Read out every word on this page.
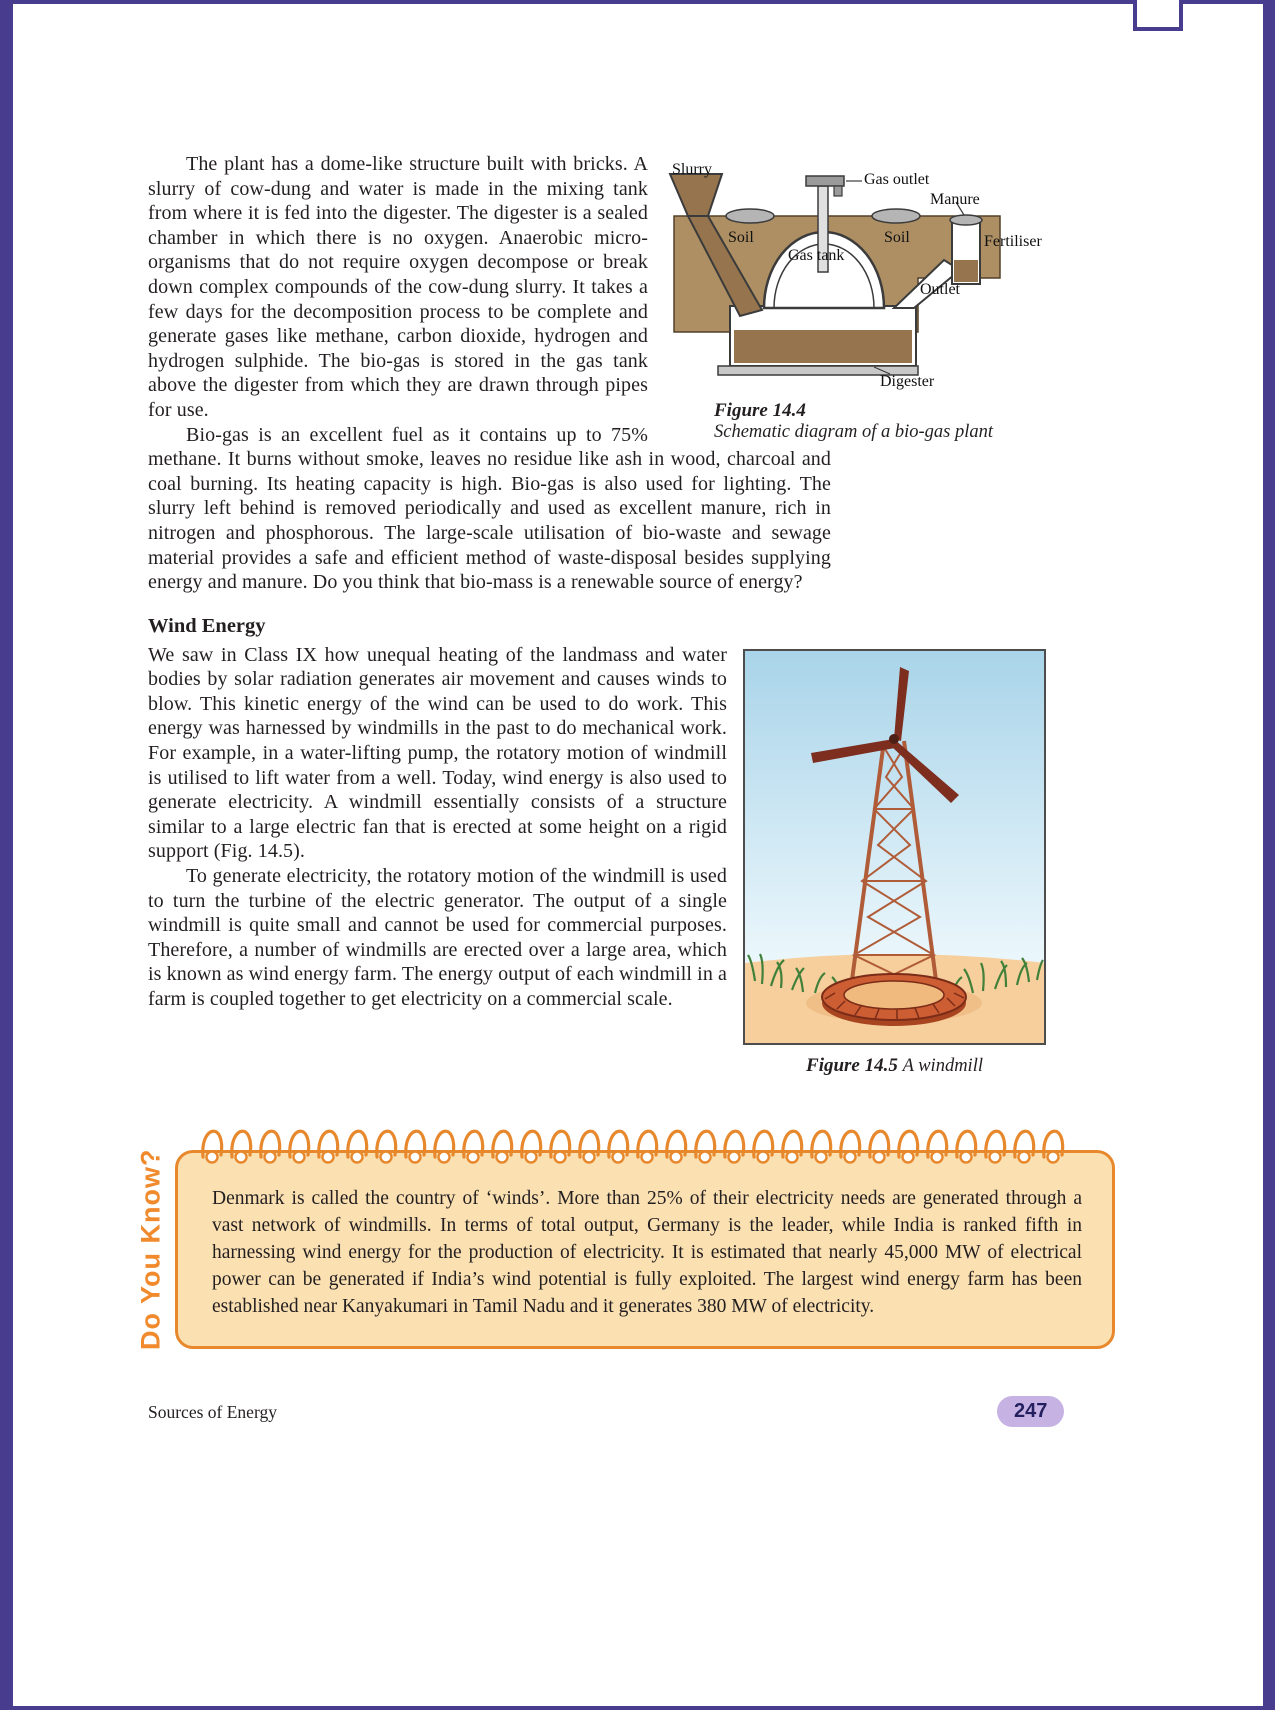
Slurry
Gas outlet
Manure
Soil
Gas tank
Soil	Fertiliser
Outlet
Digester
Figure 14.4
Schematic diagram of a bio-gas plant

The plant has a dome-like structure built with bricks. A slurry of cow-dung and water is made in the mixing tank from where it is fed into the digester. The digester is a sealed chamber in which there is no oxygen. Anaerobic micro-organisms that do not require oxygen decompose or break down complex compounds of the cow-dung slurry. It takes a few days for the decomposition process to be complete and generate gases like methane, carbon dioxide, hydrogen and hydrogen sulphide. The bio-gas is stored in the gas tank above the digester from which they are drawn through pipes for use.

Bio-gas is an excellent fuel as it contains up to 75% methane. It burns without smoke, leaves no residue like ash in wood, charcoal and coal burning. Its heating capacity is high. Bio-gas is also used for lighting. The slurry left behind is removed periodically and used as excellent manure, rich in nitrogen and phosphorous. The large-scale utilisation of bio-waste and sewage material provides a safe and efficient method of waste-disposal besides supplying energy and manure. Do you think that bio-mass is a renewable source of energy?

Wind Energy
Figure 14.5 A windmill

We saw in Class IX how unequal heating of the landmass and water bodies by solar radiation generates air movement and causes winds to blow. This kinetic energy of the wind can be used to do work. This energy was harnessed by windmills in the past to do mechanical work. For example, in a water-lifting pump, the rotatory motion of windmill is utilised to lift water from a well. Today, wind energy is also used to generate electricity. A windmill essentially consists of a structure similar to a large electric fan that is erected at some height on a rigid support (Fig. 14.5).

To generate electricity, the rotatory motion of the windmill is used to turn the turbine of the electric generator. The output of a single windmill is quite small and cannot be used for commercial purposes. Therefore, a number of windmills are erected over a large area, which is known as wind energy farm. The energy output of each windmill in a farm is coupled together to get electricity on a commercial scale.

Do You Know? Denmark is called the country of ‘winds’. More than 25% of their electricity needs are generated through a vast network of windmills. In terms of total output, Germany is the leader, while India is ranked fifth in harnessing wind energy for the production of electricity. It is estimated that nearly 45,000 MW of electrical power can be generated if India’s wind potential is fully exploited. The largest wind energy farm has been established near Kanyakumari in Tamil Nadu and it generates 380 MW of electricity.

Sources of Energy	247
